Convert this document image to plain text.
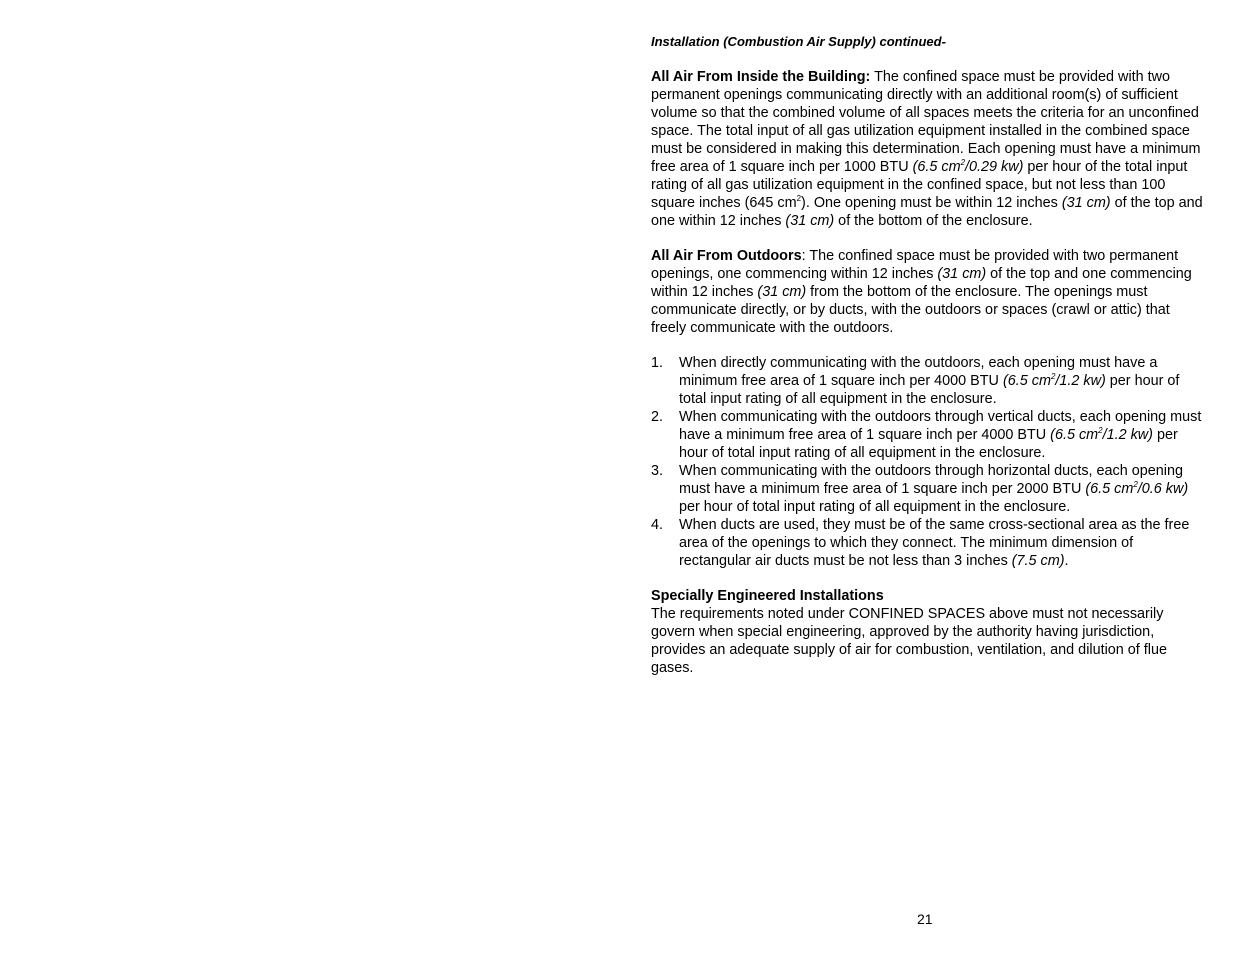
Installation (Combustion Air Supply) continued-

All Air From Inside the Building: The confined space must be provided with two permanent openings communicating directly with an additional room(s) of sufficient volume so that the combined volume of all spaces meets the criteria for an unconfined space. The total input of all gas utilization equipment installed in the combined space must be considered in making this determination. Each opening must have a minimum free area of 1 square inch per 1000 BTU (6.5 $cm^2/0.29$ kw) per hour of the total input rating of all gas utilization equipment in the confined space, but not less than 100 square inches (645 $cm^2$). One opening must be within 12 inches (31 cm) of the top and one within 12 inches (31 cm) of the bottom of the enclosure.

All Air From Outdoors: The confined space must be provided with two permanent openings, one commencing within 12 inches (31 cm) of the top and one commencing within 12 inches (31 cm) from the bottom of the enclosure. The openings must communicate directly, or by ducts, with the outdoors or spaces (crawl or attic) that freely communicate with the outdoors.

1. When directly communicating with the outdoors, each opening must have a minimum free area of 1 square inch per 4000 BTU (6.5 $cm^2/1.2$ kw) per hour of total input rating of all equipment in the enclosure.
2. When communicating with the outdoors through vertical ducts, each opening must have a minimum free area of 1 square inch per 4000 BTU (6.5 $cm^2/1.2$ kw) per hour of total input rating of all equipment in the enclosure.
3. When communicating with the outdoors through horizontal ducts, each opening must have a minimum free area of 1 square inch per 2000 BTU (6.5 $cm^2/0.6$ kw) per hour of total input rating of all equipment in the enclosure.
4. When ducts are used, they must be of the same cross-sectional area as the free area of the openings to which they connect. The minimum dimension of rectangular air ducts must be not less than 3 inches (7.5 cm).

Specially Engineered Installations

The requirements noted under CONFINED SPACES above must not necessarily govern when special engineering, approved by the authority having jurisdiction, provides an adequate supply of air for combustion, ventilation, and dilution of flue gases.

21
